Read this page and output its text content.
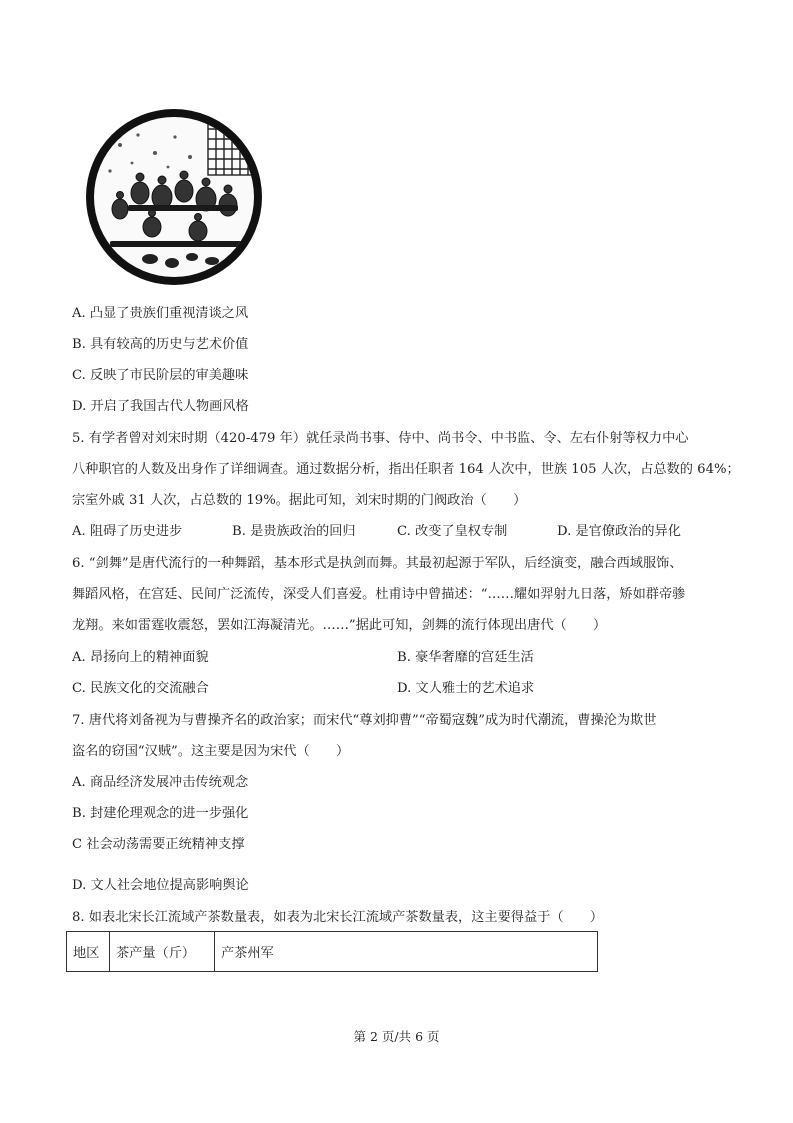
A. 凸显了贵族们重视清谈之风
B. 具有较高的历史与艺术价值
C. 反映了市民阶层的审美趣味
D. 开启了我国古代人物画风格
5. 有学者曾对刘宋时期（420-479 年）就任录尚书事、侍中、尚书令、中书监、令、左右仆射等权力中心
八种职官的人数及出身作了详细调查。通过数据分析，指出任职者 164 人次中，世族 105 人次，占总数的 64%；
宗室外戚 31 人次，占总数的 19%。据此可知，刘宋时期的门阀政治（　　）
A. 阻碍了历史进步	B. 是贵族政治的回归	C. 改变了皇权专制	D. 是官僚政治的异化
6. “剑舞”是唐代流行的一种舞蹈，基本形式是执剑而舞。其最初起源于军队，后经演变，融合西域服饰、
舞蹈风格，在宫廷、民间广泛流传，深受人们喜爱。杜甫诗中曾描述：“……耀如羿射九日落，矫如群帝骖
龙翔。来如雷霆收震怒，罢如江海凝清光。……”据此可知，剑舞的流行体现出唐代（　　）
A. 昂扬向上的精神面貌	B. 豪华奢靡的宫廷生活
C. 民族文化的交流融合	D. 文人雅士的艺术追求
7. 唐代将刘备视为与曹操齐名的政治家；而宋代“尊刘抑曹”“帝蜀寇魏”成为时代潮流，曹操沦为欺世
盗名的窃国“汉贼”。这主要是因为宋代（　　）
A. 商品经济发展冲击传统观念
B. 封建伦理观念的进一步强化
C 社会动荡需要正统精神支撑
D. 文人社会地位提高影响舆论
8. 如表北宋长江流域产茶数量表，如表为北宋长江流域产茶数量表，这主要得益于（　　）
地区	茶产量（斤）	产茶州军
第 2 页/共 6 页
